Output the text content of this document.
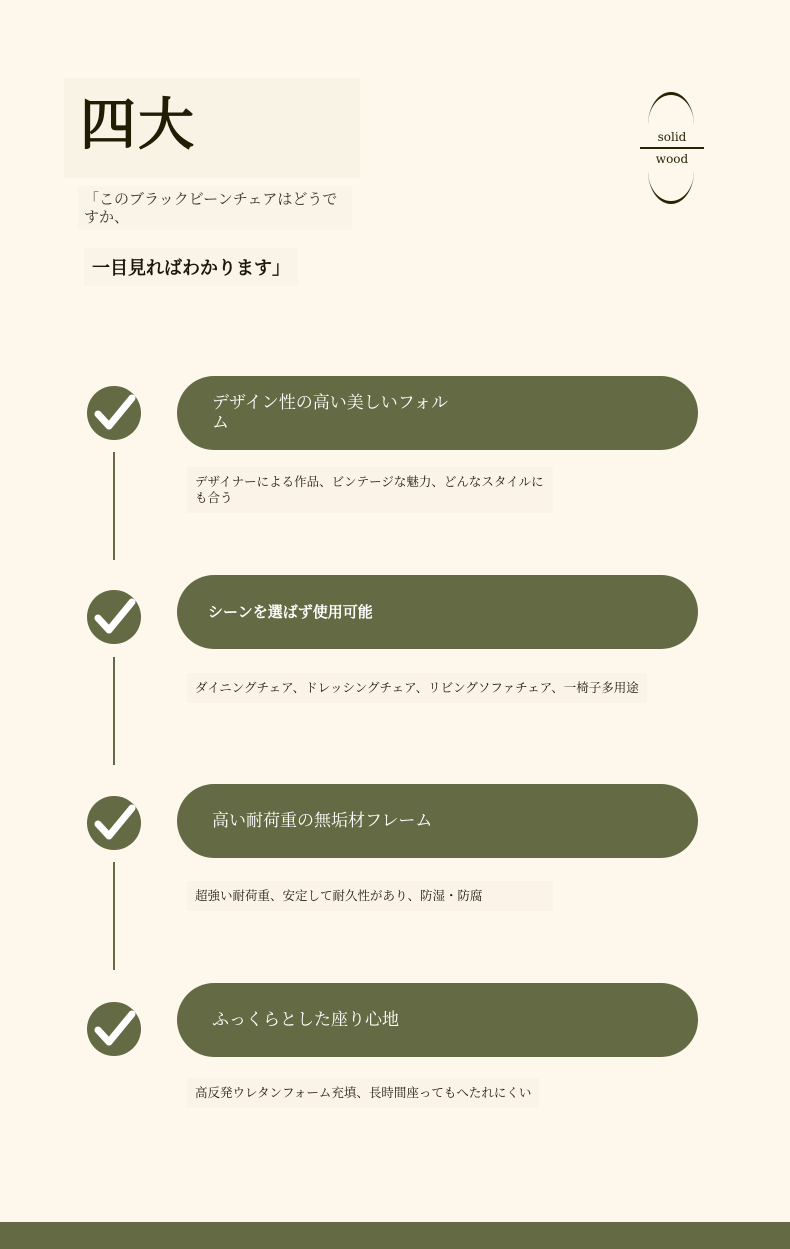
四大
「このブラックビーンチェアはどうですか、
一目見ればわかります」
solid
wood
デザイン性の高い美しいフォルム
デザイナーによる作品、ビンテージな魅力、どんなスタイルにも合う
シーンを選ばず使用可能
ダイニングチェア、ドレッシングチェア、リビングソファチェア、一椅子多用途
高い耐荷重の無垢材フレーム
超強い耐荷重、安定して耐久性があり、防湿・防腐
ふっくらとした座り心地
高反発ウレタンフォーム充填、長時間座ってもへたれにくい
